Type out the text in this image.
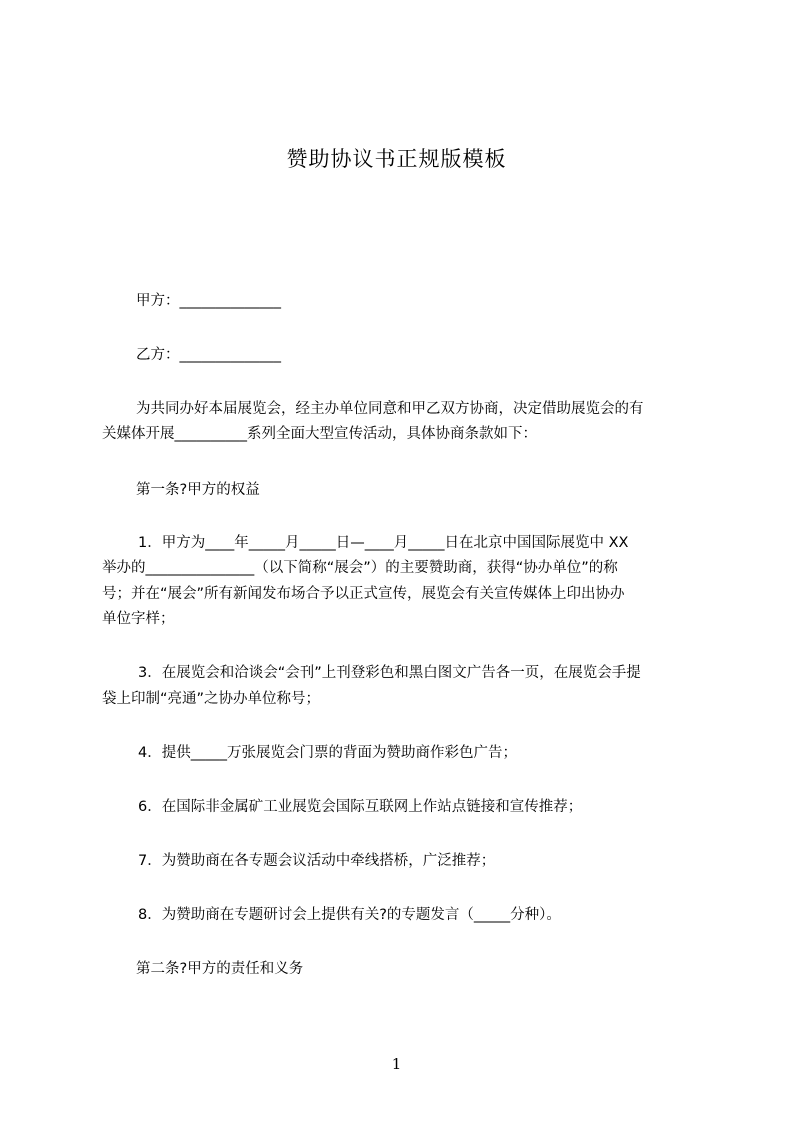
赞助协议书正规版模板
甲方：______________
乙方：______________
为共同办好本届展览会，经主办单位同意和甲乙双方协商，决定借助展览会的有
关媒体开展__________系列全面大型宣传活动，具体协商条款如下：
第一条?甲方的权益
1．甲方为____年_____月_____日—____月_____日在北京中国国际展览中 XX
举办的_______________（以下简称“展会”）的主要赞助商，获得“协办单位”的称
号；并在“展会”所有新闻发布场合予以正式宣传，展览会有关宣传媒体上印出协办
单位字样；
3．在展览会和洽谈会“会刊”上刊登彩色和黑白图文广告各一页，在展览会手提
袋上印制“亮通”之协办单位称号；
4．提供_____万张展览会门票的背面为赞助商作彩色广告；
6．在国际非金属矿工业展览会国际互联网上作站点链接和宣传推荐；
7．为赞助商在各专题会议活动中牵线搭桥，广泛推荐；
8．为赞助商在专题研讨会上提供有关?的专题发言（_____分种）。
第二条?甲方的责任和义务
1
